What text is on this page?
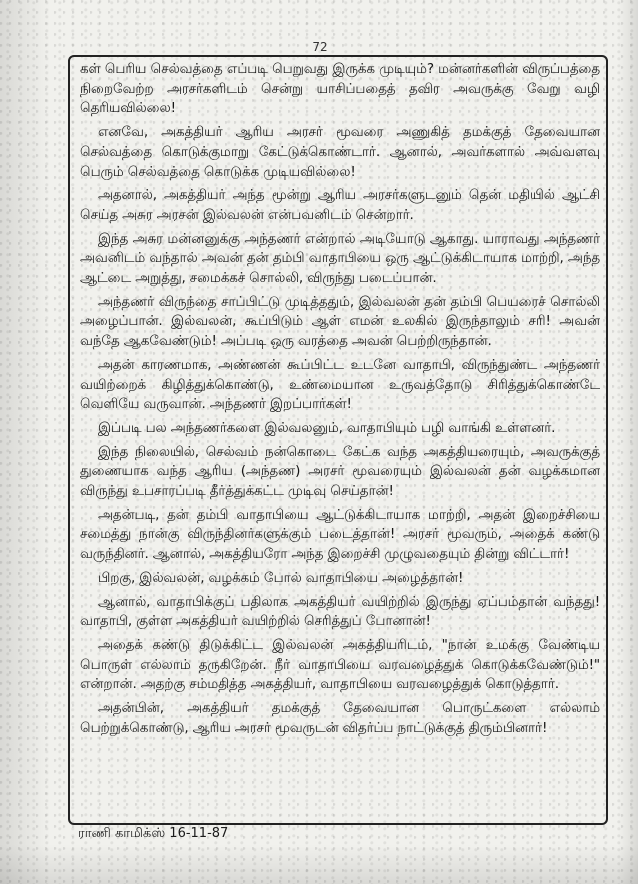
72

கள் பெரிய செல்வத்தை எப்படி பெறுவது இருக்க முடியும்? மன்னர்களின் விருப்பத்தை நிறைவேற்ற அரசர்களிடம் சென்று யாசிப்பதைத் தவிர அவருக்கு வேறு வழி தெரியவில்லை!

எனவே, அகத்தியர் ஆரிய அரசர் மூவரை அணுகித் தமக்குத் தேவையான செல்வத்தை கொடுக்குமாறு கேட்டுக்கொண்டார். ஆனால், அவர்களால் அவ்வளவு பெரும் செல்வத்தை கொடுக்க முடியவில்லை!

அதனால், அகத்தியர் அந்த மூன்று ஆரிய அரசர்களுடனும் தென் மதியில் ஆட்சி செய்த அசுர அரசன் இல்வலன் என்பவனிடம் சென்றார்.

இந்த அசுர மன்னனுக்கு அந்தணர் என்றால் அடியோடு ஆகாது. யாராவது அந்தணர் அவனிடம் வந்தால் அவன் தன் தம்பி வாதாபியை ஒரு ஆட்டுக்கிடாயாக மாற்றி, அந்த ஆட்டை அறுத்து, சமைக்கச் சொல்லி, விருந்து படைப்பான்.

அந்தணர் விருந்தை சாப்பிட்டு முடித்ததும், இல்வலன் தன் தம்பி பெயரைச் சொல்லி அழைப்பான். இல்வலன், கூப்பிடும் ஆள் எமன் உலகில் இருந்தாலும் சரி! அவன் வந்தே ஆகவேண்டும்! அப்படி ஒரு வரத்தை அவன் பெற்றிருந்தான்.

அதன் காரணமாக, அண்ணன் கூப்பிட்ட உடனே வாதாபி, விருந்துண்ட அந்தணர் வயிற்றைக் கிழித்துக்கொண்டு, உண்மையான உருவத்தோடு சிரித்துக்கொண்டே வெளியே வருவான். அந்தணர் இறப்பார்கள்!

இப்படி பல அந்தணர்களை இல்வலனும், வாதாபியும் பழி வாங்கி உள்ளனர்.

இந்த நிலையில், செல்வம் நன்கொடை கேட்க வந்த அகத்தியரையும், அவருக்குத் துணையாக வந்த ஆரிய (அந்தண) அரசர் மூவரையும் இல்வலன் தன் வழக்கமான விருந்து உபசாரப்படி தீர்த்துக்கட்ட முடிவு செய்தான்!

அதன்படி, தன் தம்பி வாதாபியை ஆட்டுக்கிடாயாக மாற்றி, அதன் இறைச்சியை சமைத்து நான்கு விருந்தினர்களுக்கும் படைத்தான்! அரசர் மூவரும், அதைக் கண்டு வருந்தினர். ஆனால், அகத்தியரோ அந்த இறைச்சி முழுவதையும் தின்று விட்டார்!

பிறகு, இல்வலன், வழக்கம் போல் வாதாபியை அழைத்தான்!

ஆனால், வாதாபிக்குப் பதிலாக அகத்தியர் வயிற்றில் இருந்து ஏப்பம்தான் வந்தது! வாதாபி, குள்ள அகத்தியர் வயிற்றில் செரித்துப் போனான்!

அதைக் கண்டு திடுக்கிட்ட இல்வலன் அகத்தியரிடம், "நான் உமக்கு வேண்டிய பொருள் எல்லாம் தருகிறேன். நீர் வாதாபியை வரவழைத்துக் கொடுக்கவேண்டும்!" என்றான். அதற்கு சம்மதித்த அகத்தியர், வாதாபியை வரவழைத்துக் கொடுத்தார்.

அதன்பின், அகத்தியர் தமக்குத் தேவையான பொருட்களை எல்லாம் பெற்றுக்கொண்டு, ஆரிய அரசர் மூவருடன் விதர்ப்ப நாட்டுக்குத் திரும்பினார்!

ராணி காமிக்ஸ் 16-11-87
